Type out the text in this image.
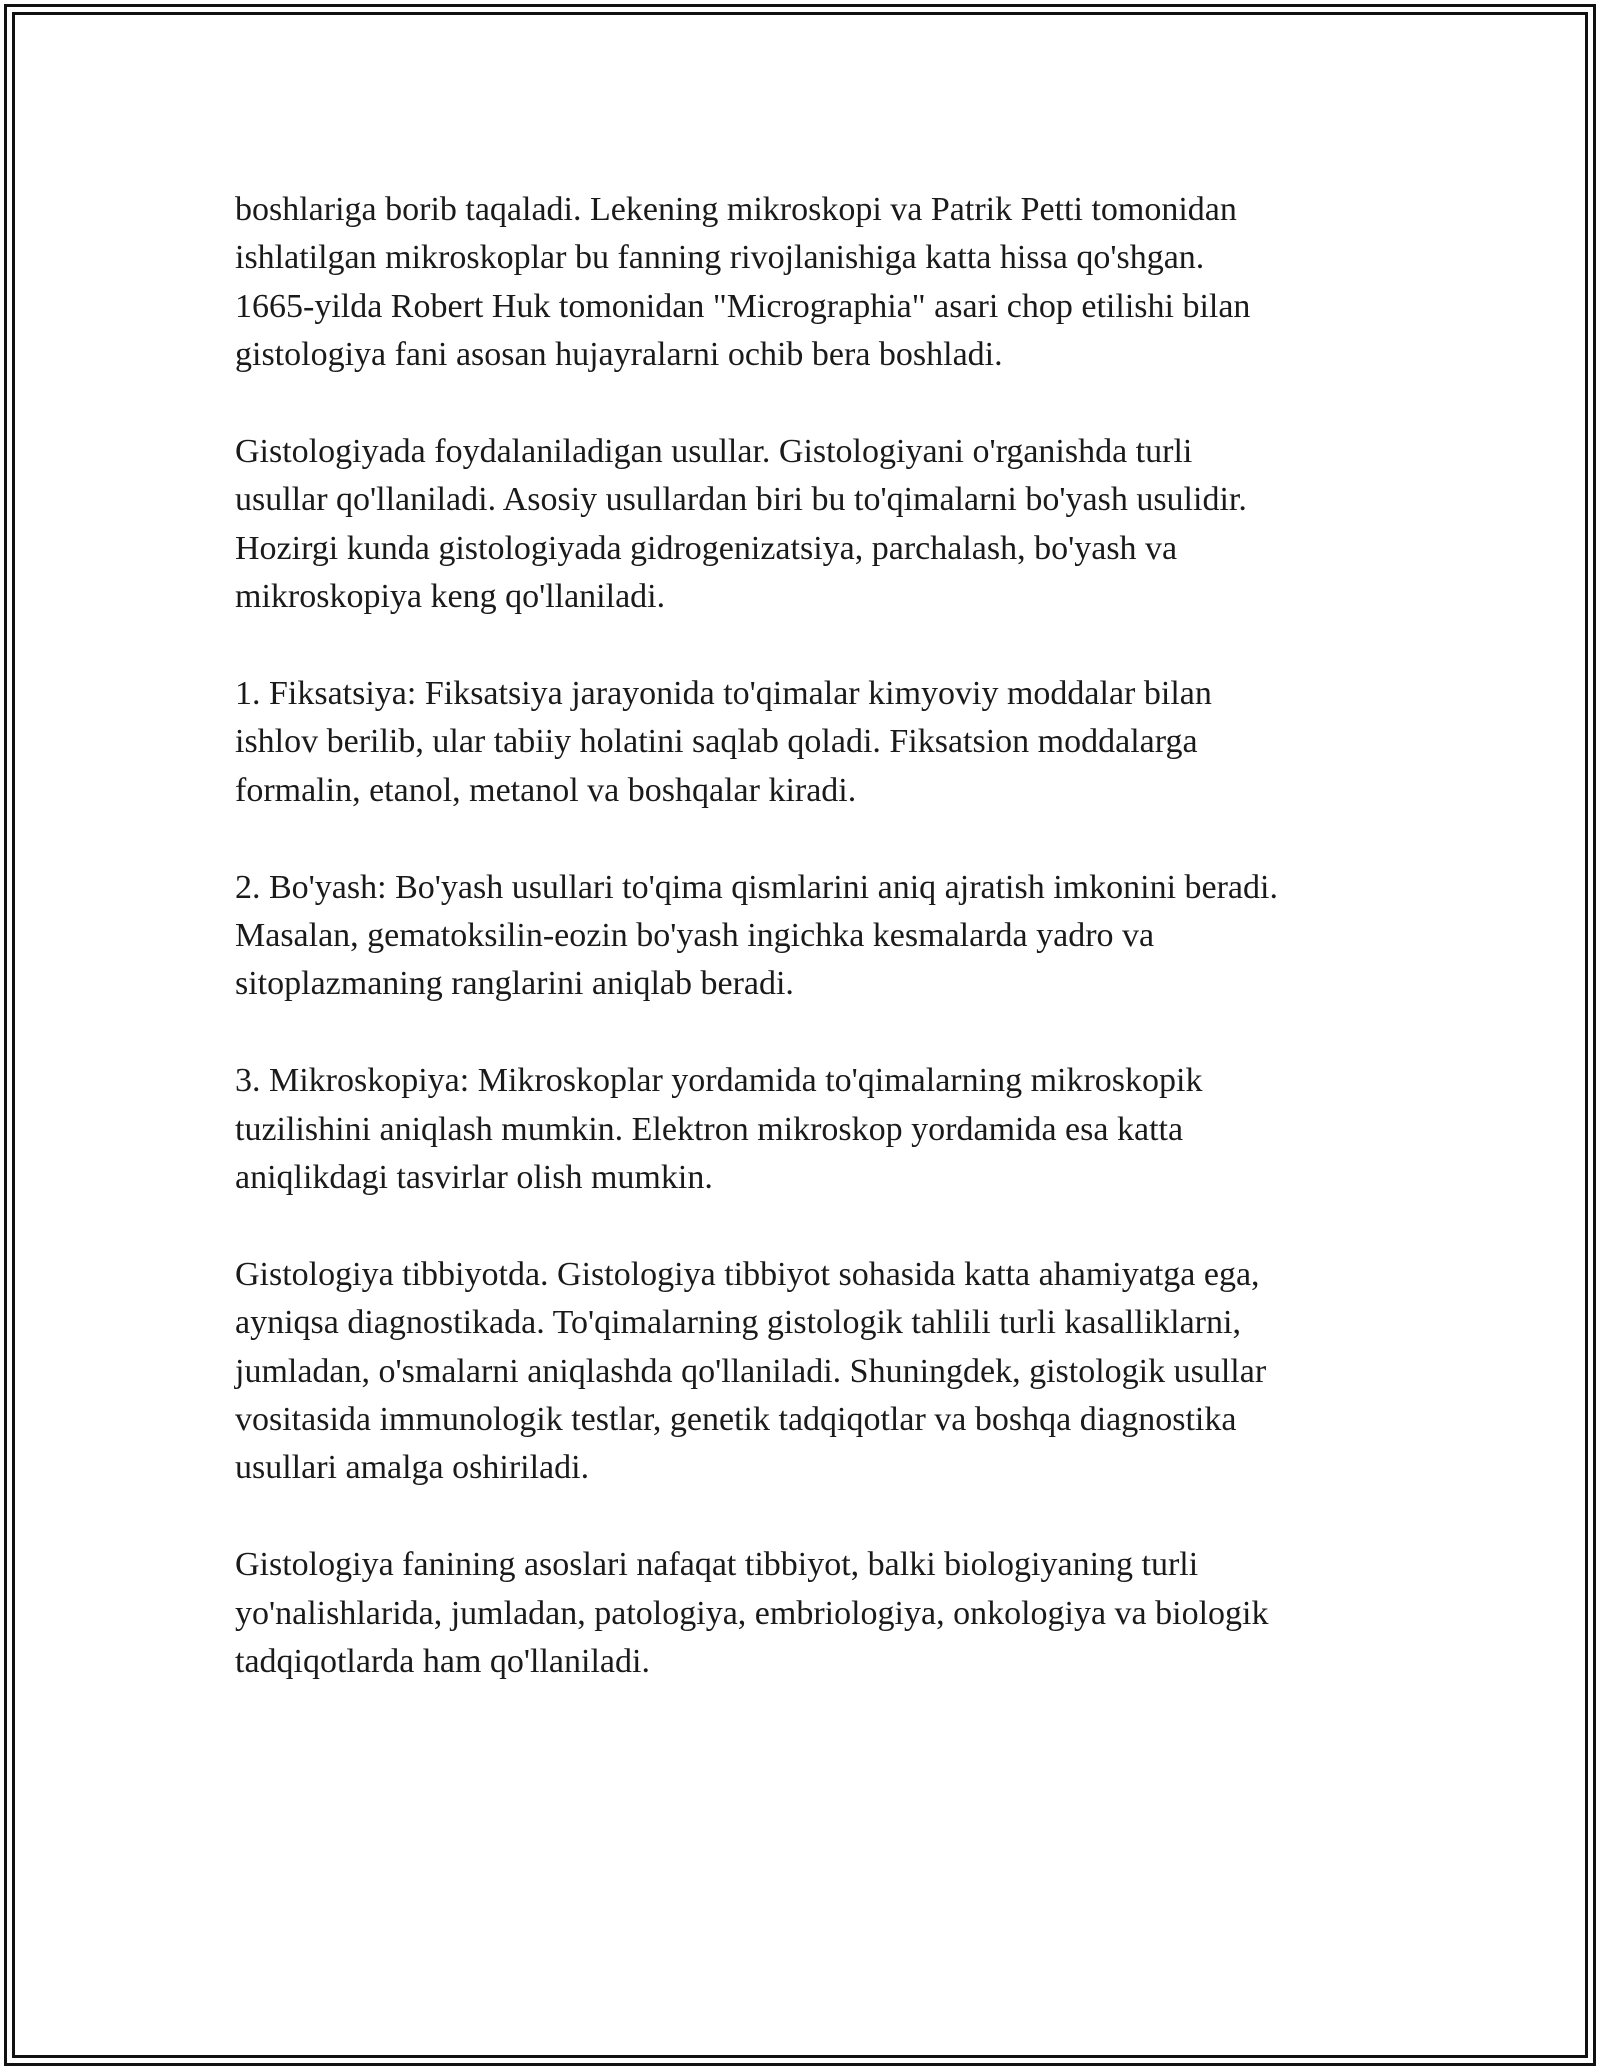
boshlariga borib taqaladi. Lekening mikroskopi va Patrik Petti tomonidan
ishlatilgan mikroskoplar bu fanning rivojlanishiga katta hissa qo'shgan.
1665-yilda Robert Huk tomonidan "Micrographia" asari chop etilishi bilan
gistologiya fani asosan hujayralarni ochib bera boshladi.

Gistologiyada foydalaniladigan usullar. Gistologiyani o'rganishda turli
usullar qo'llaniladi. Asosiy usullardan biri bu to'qimalarni bo'yash usulidir.
Hozirgi kunda gistologiyada gidrogenizatsiya, parchalash, bo'yash va
mikroskopiya keng qo'llaniladi.

1. Fiksatsiya: Fiksatsiya jarayonida to'qimalar kimyoviy moddalar bilan
ishlov berilib, ular tabiiy holatini saqlab qoladi. Fiksatsion moddalarga
formalin, etanol, metanol va boshqalar kiradi.

2. Bo'yash: Bo'yash usullari to'qima qismlarini aniq ajratish imkonini beradi.
Masalan, gematoksilin-eozin bo'yash ingichka kesmalarda yadro va
sitoplazmaning ranglarini aniqlab beradi.

3. Mikroskopiya: Mikroskoplar yordamida to'qimalarning mikroskopik
tuzilishini aniqlash mumkin. Elektron mikroskop yordamida esa katta
aniqlikdagi tasvirlar olish mumkin.

Gistologiya tibbiyotda. Gistologiya tibbiyot sohasida katta ahamiyatga ega,
ayniqsa diagnostikada. To'qimalarning gistologik tahlili turli kasalliklarni,
jumladan, o'smalarni aniqlashda qo'llaniladi. Shuningdek, gistologik usullar
vositasida immunologik testlar, genetik tadqiqotlar va boshqa diagnostika
usullari amalga oshiriladi.

Gistologiya fanining asoslari nafaqat tibbiyot, balki biologiyaning turli
yo'nalishlarida, jumladan, patologiya, embriologiya, onkologiya va biologik
tadqiqotlarda ham qo'llaniladi.
